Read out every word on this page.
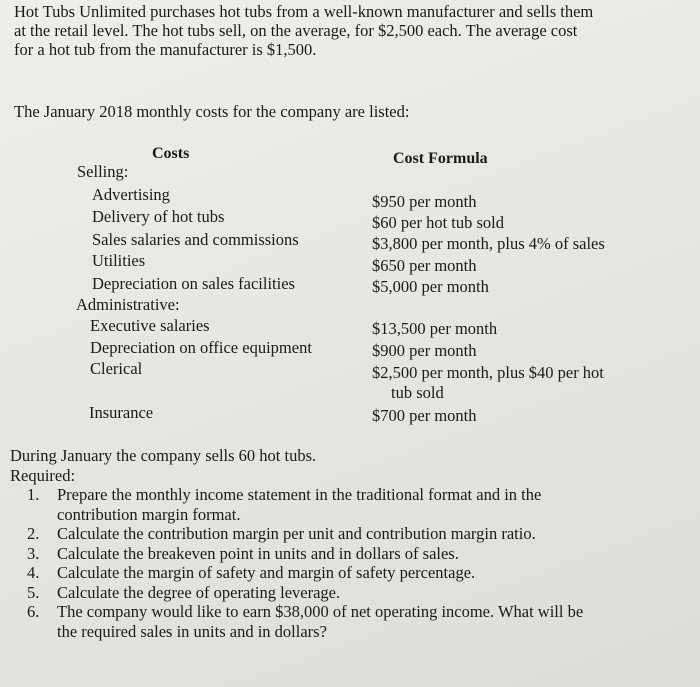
Hot Tubs Unlimited purchases hot tubs from a well-known manufacturer and sells them
at the retail level. The hot tubs sell, on the average, for $2,500 each. The average cost
for a hot tub from the manufacturer is $1,500.
The January 2018 monthly costs for the company are listed:
Costs	Cost Formula
Selling:
Advertising	$950 per month
Delivery of hot tubs	$60 per hot tub sold
Sales salaries and commissions	$3,800 per month, plus 4% of sales
Utilities	$650 per month
Depreciation on sales facilities	$5,000 per month
Administrative:
Executive salaries	$13,500 per month
Depreciation on office equipment	$900 per month
Clerical	$2,500 per month, plus $40 per hot
tub sold
Insurance	$700 per month
During January the company sells 60 hot tubs.
Required:
1. Prepare the monthly income statement in the traditional format and in the
contribution margin format.
2. Calculate the contribution margin per unit and contribution margin ratio.
3. Calculate the breakeven point in units and in dollars of sales.
4. Calculate the margin of safety and margin of safety percentage.
5. Calculate the degree of operating leverage.
6. The company would like to earn $38,000 of net operating income. What will be
the required sales in units and in dollars?
